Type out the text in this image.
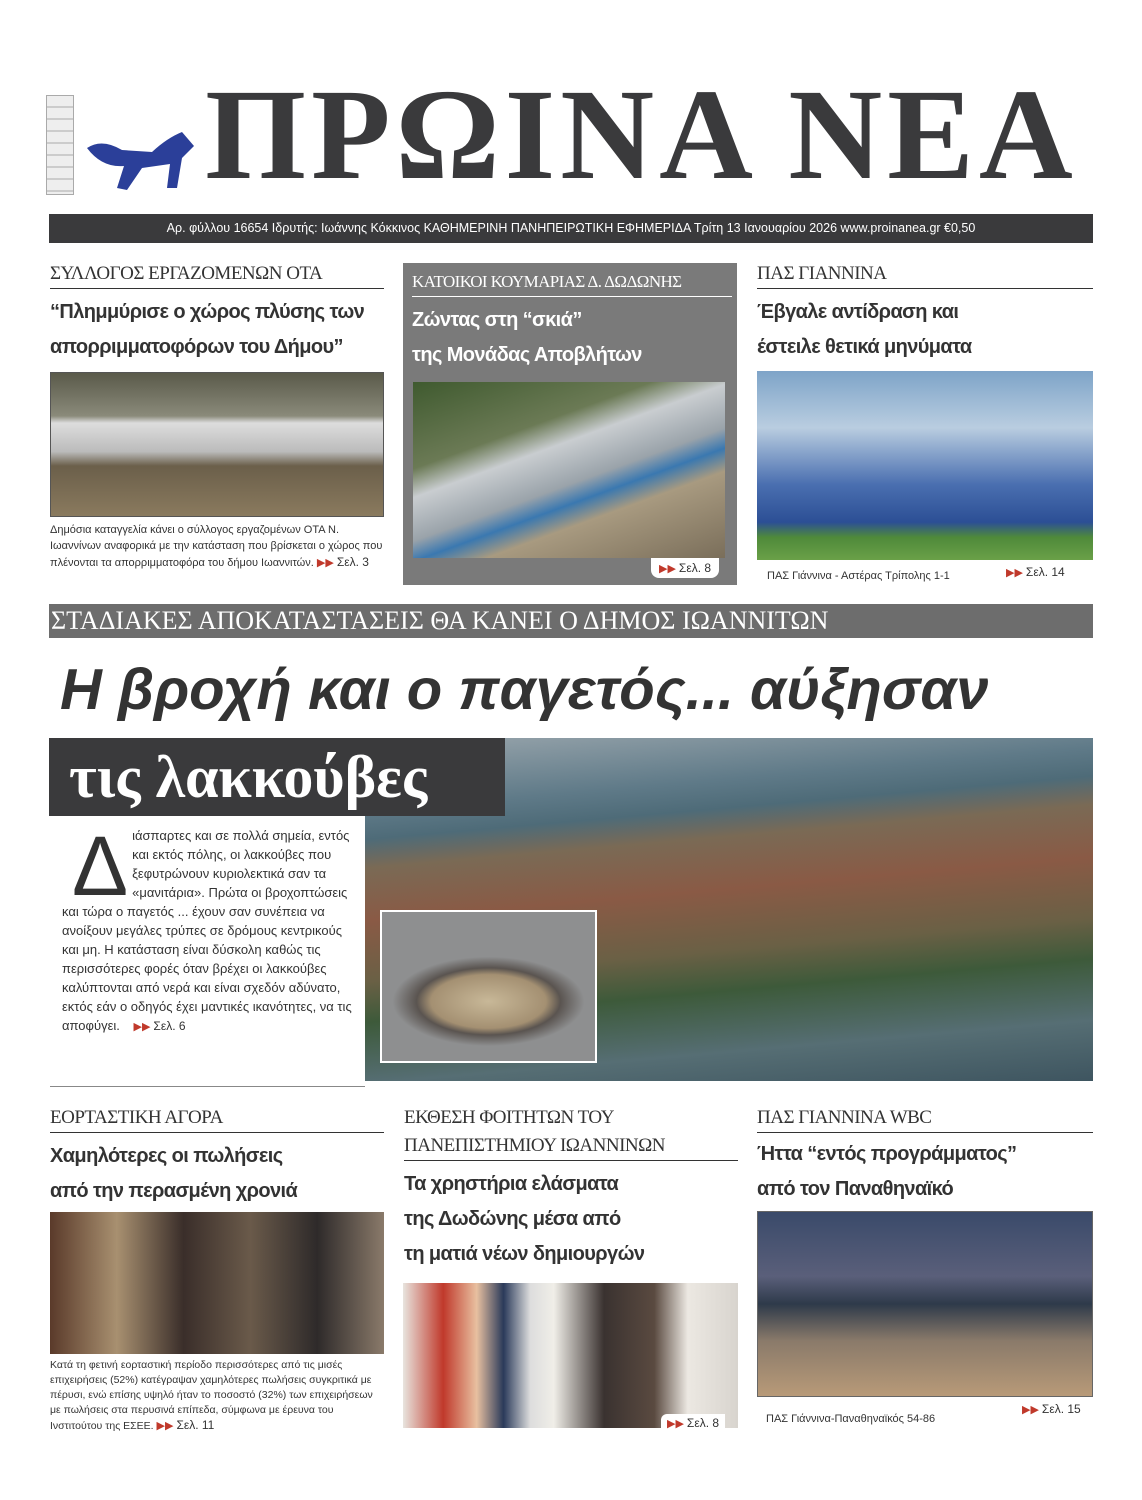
ΠΡΩΙΝΑ ΝΕΑ
Αρ. φύλλου 16654 Ιδρυτής: Ιωάννης Κόκκινος ΚΑΘΗΜΕΡΙΝΗ ΠΑΝΗΠΕΙΡΩΤΙΚΗ ΕΦΗΜΕΡΙΔΑ Τρίτη 13 Ιανουαρίου 2026 www.proinanea.gr €0,50
ΣΥΛΛΟΓΟΣ ΕΡΓΑΖΟΜΕΝΩΝ ΟΤΑ
“Πλημμύρισε ο χώρος πλύσης των
απορριμματοφόρων του Δήμου”
Δημόσια καταγγελία κάνει ο σύλλογος εργαζομένων ΟΤΑ Ν. Ιωαννίνων αναφορικά με την κατάσταση που βρίσκεται ο χώρος που πλένονται τα απορριμματοφόρα του δήμου Ιωαννιτών. ▶▶ Σελ. 3
ΚΑΤΟΙΚΟΙ ΚΟΥΜΑΡΙΑΣ Δ. ΔΩΔΩΝΗΣ
Ζώντας στη “σκιά”
της Μονάδας Αποβλήτων
▶▶ Σελ. 8
ΠΑΣ ΓΙΑΝΝΙΝΑ
Έβγαλε αντίδραση και
έστειλε θετικά μηνύματα
ΠΑΣ Γιάννινα - Αστέρας Τρίπολης 1-1	▶▶ Σελ. 14
ΣΤΑΔΙΑΚΕΣ ΑΠΟΚΑΤΑΣΤΑΣΕΙΣ ΘΑ ΚΑΝΕΙ Ο ΔΗΜΟΣ ΙΩΑΝΝΙΤΩΝ
Η βροχή και ο παγετός... αύξησαν
τις λακκούβες
Δ ιάσπαρτες και σε πολλά σημεία, εντός και εκτός πόλης, οι λακκούβες που ξεφυτρώνουν κυριολεκτικά σαν τα «μανιτάρια». Πρώτα οι βροχοπτώσεις και τώρα ο παγετός ... έχουν σαν συνέπεια να ανοίξουν μεγάλες τρύπες σε δρόμους κεντρικούς και μη. Η κατάσταση είναι δύσκολη καθώς τις περισσότερες φορές όταν βρέχει οι λακκούβες καλύπτονται από νερά και είναι σχεδόν αδύνατο, εκτός εάν ο οδηγός έχει μαντικές ικανότητες, να τις αποφύγει. ▶▶ Σελ. 6
ΕΟΡΤΑΣΤΙΚΗ ΑΓΟΡΑ
Χαμηλότερες οι πωλήσεις
από την περασμένη χρονιά
Κατά τη φετινή εορταστική περίοδο περισσότερες από τις μισές επιχειρήσεις (52%) κατέγραψαν χαμηλότερες πωλήσεις συγκριτικά με πέρυσι, ενώ επίσης υψηλό ήταν το ποσοστό (32%) των επιχειρήσεων με πωλήσεις στα περυσινά επίπεδα, σύμφωνα με έρευνα του Ινστιτούτου της ΕΣΕΕ. ▶▶ Σελ. 11
ΕΚΘΕΣΗ ΦΟΙΤΗΤΩΝ ΤΟΥ
ΠΑΝΕΠΙΣΤΗΜΙΟΥ ΙΩΑΝΝΙΝΩΝ
Τα χρηστήρια ελάσματα
της Δωδώνης μέσα από
τη ματιά νέων δημιουργών
▶▶ Σελ. 8
ΠΑΣ ΓΙΑΝΝΙΝΑ WBC
Ήττα “εντός προγράμματος”
από τον Παναθηναϊκό
ΠΑΣ Γιάννινα-Παναθηναϊκός 54-86
▶▶ Σελ. 15
